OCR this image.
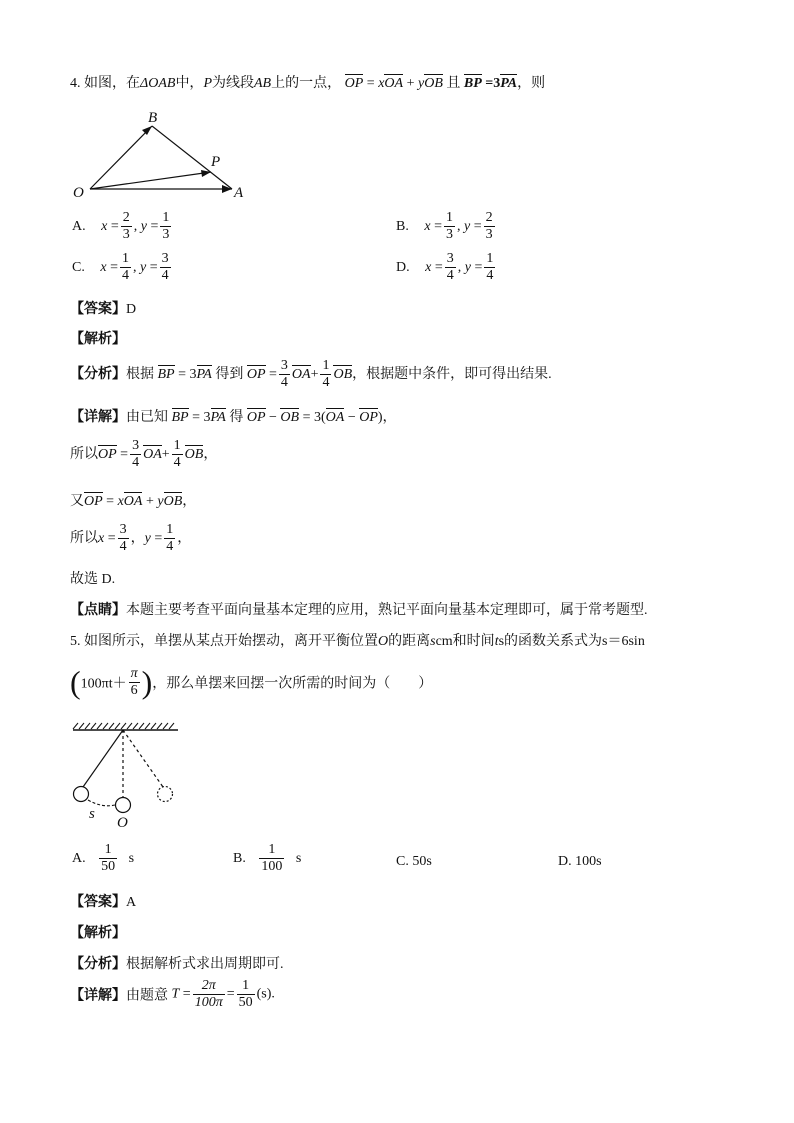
4. 如图，在ΔOAB中，P为线段AB上的一点， OP = xOA + yOB 且 BP =3PA，则
B
P
O	A
A. $x = \frac{2}{3}$ , $y = \frac{1}{3}$	B. $x = \frac{1}{3}$ , $y = \frac{2}{3}$
C. $x = \frac{1}{4}$ , $y = \frac{3}{4}$	D. $x = \frac{3}{4}$ , $y = \frac{1}{4}$
【答案】D
【解析】
【分析】根据 BP = 3PA 得到 OP = $\frac{3}{4} OA+ \frac{1}{4}$ OB，根据题中条件，即可得出结果.
【详解】由已知 BP = 3PA 得 OP − OB = 3(OA − OP)，
所以OP = $\frac{3}{4} OA+ \frac{1}{4}$ OB，
又OP = xOA + yOB，
所以$x = \frac{3}{4}$ ，$y = \frac{1}{4}$ ，
故选 D.
【点睛】本题主要考查平面向量基本定理的应用，熟记平面向量基本定理即可，属于常考题型.
5. 如图所示，单摆从某点开始摆动，离开平衡位置O的距离scm和时间ts的函数关系式为s＝6sin
($100\pi t+ \frac{\pi}{6}$ )，那么单摆来回摆一次所需的时间为（　　）
s
O
A. $\frac{1}{50}$ s	B. $\frac{1}{100}$ s	C. 50s	D. 100s
【答案】A
【解析】
【分析】根据解析式求出周期即可.
【详解】由题意 $T = \frac{2\pi}{100\pi} = \frac{1}{50} (s)$.
